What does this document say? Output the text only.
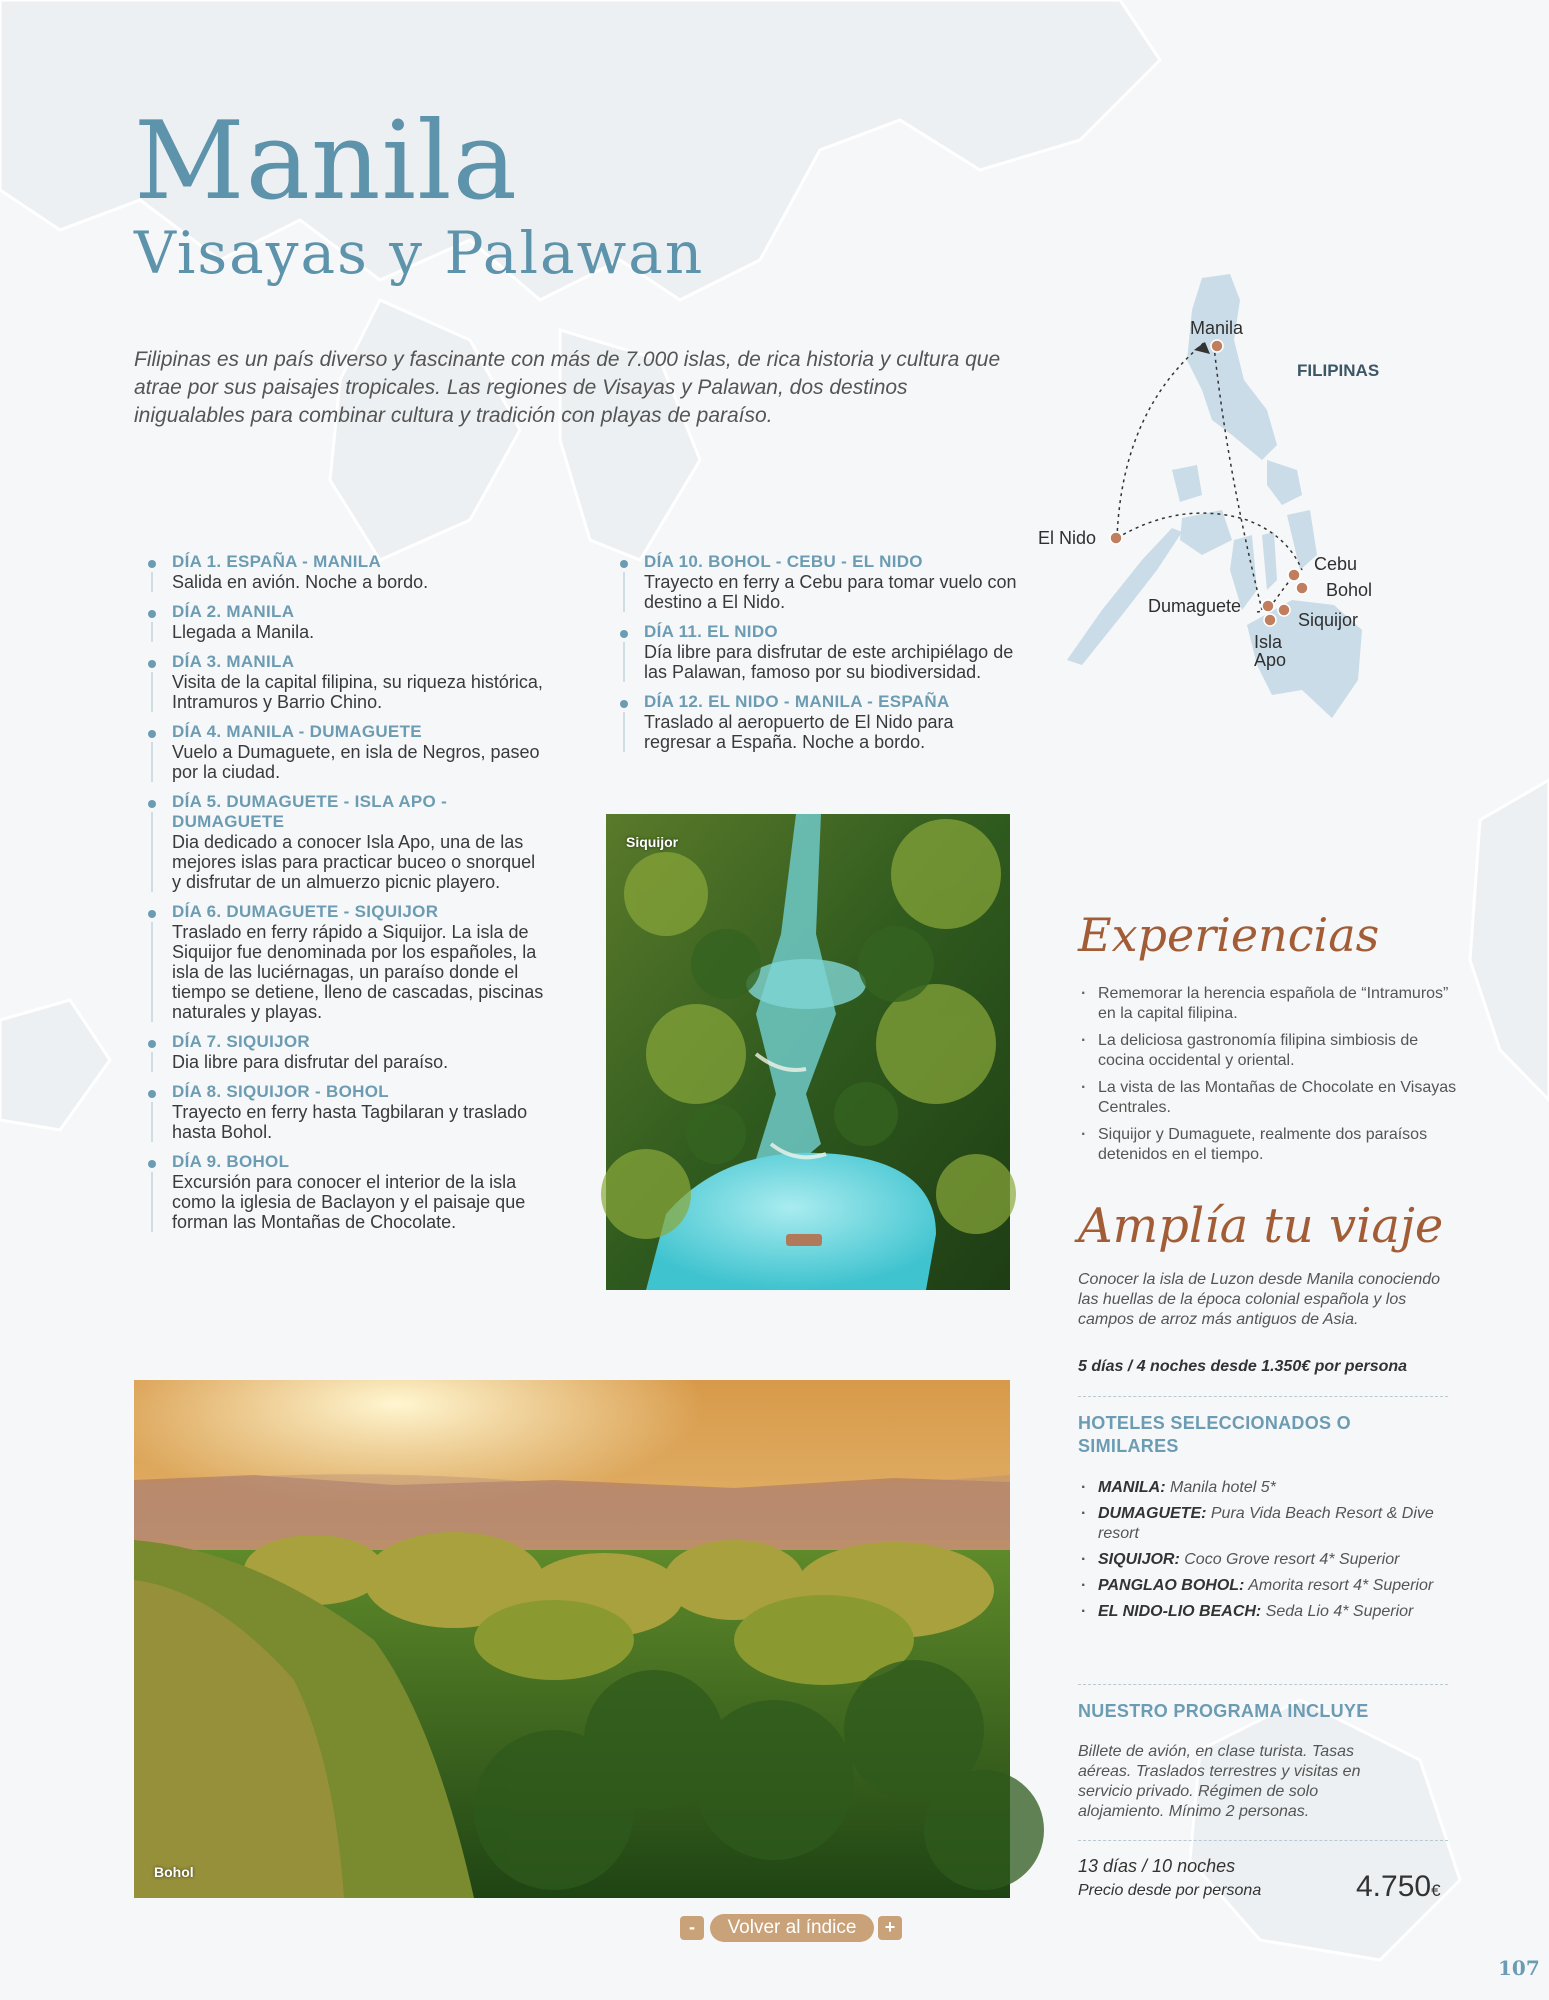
Manila
Visayas y Palawan

Filipinas es un país diverso y fascinante con más de 7.000 islas, de rica historia y cultura que atrae por sus paisajes tropicales. Las regiones de Visayas y Palawan, dos destinos inigualables para combinar cultura y tradición con playas de paraíso.

DÍA 1. ESPAÑA - MANILA
Salida en avión. Noche a bordo.
DÍA 2. MANILA
Llegada a Manila.
DÍA 3. MANILA
Visita de la capital filipina, su riqueza histórica, Intramuros y Barrio Chino.
DÍA 4. MANILA - DUMAGUETE
Vuelo a Dumaguete, en isla de Negros, paseo por la ciudad.
DÍA 5. DUMAGUETE - ISLA APO - DUMAGUETE
Dia dedicado a conocer Isla Apo, una de las mejores islas para practicar buceo o snorquel y disfrutar de un almuerzo picnic playero.
DÍA 6. DUMAGUETE - SIQUIJOR
Traslado en ferry rápido a Siquijor. La isla de Siquijor fue denominada por los españoles, la isla de las luciérnagas, un paraíso donde el tiempo se detiene, lleno de cascadas, piscinas naturales y playas.
DÍA 7. SIQUIJOR
Dia libre para disfrutar del paraíso.
DÍA 8. SIQUIJOR - BOHOL
Trayecto en ferry hasta Tagbilaran y traslado hasta Bohol.
DÍA 9. BOHOL
Excursión para conocer el interior de la isla como la iglesia de Baclayon y el paisaje que forman las Montañas de Chocolate.
DÍA 10. BOHOL - CEBU - EL NIDO
Trayecto en ferry a Cebu para tomar vuelo con destino a El Nido.
DÍA 11. EL NIDO
Día libre para disfrutar de este archipiélago de las Palawan, famoso por su biodiversidad.
DÍA 12. EL NIDO - MANILA - ESPAÑA
Traslado al aeropuerto de El Nido para regresar a España. Noche a bordo.
Siquijor
Bohol
FILIPINAS
Manila
El Nido
Cebu
Bohol
Dumaguete
Siquijor
Isla
Apo
Experiencias
· Rememorar la herencia española de “Intramuros” en la capital filipina.
· La deliciosa gastronomía filipina simbiosis de cocina occidental y oriental.
· La vista de las Montañas de Chocolate en Visayas Centrales.
· Siquijor y Dumaguete, realmente dos paraísos detenidos en el tiempo.
Amplía tu viaje

Conocer la isla de Luzon desde Manila conociendo las huellas de la época colonial española y los campos de arroz más antiguos de Asia.

5 días / 4 noches desde 1.350€ por persona
HOTELES SELECCIONADOS O SIMILARES
· MANILA: Manila hotel 5*
· DUMAGUETE: Pura Vida Beach Resort & Dive resort
· SIQUIJOR: Coco Grove resort 4* Superior
· PANGLAO BOHOL: Amorita resort 4* Superior
· EL NIDO-LIO BEACH: Seda Lio 4* Superior
NUESTRO PROGRAMA INCLUYE

Billete de avión, en clase turista. Tasas aéreas. Traslados terrestres y visitas en servicio privado. Régimen de solo alojamiento. Mínimo 2 personas.

13 días / 10 noches
Precio desde por persona	4.750€
-	Volver al índice	+
107
